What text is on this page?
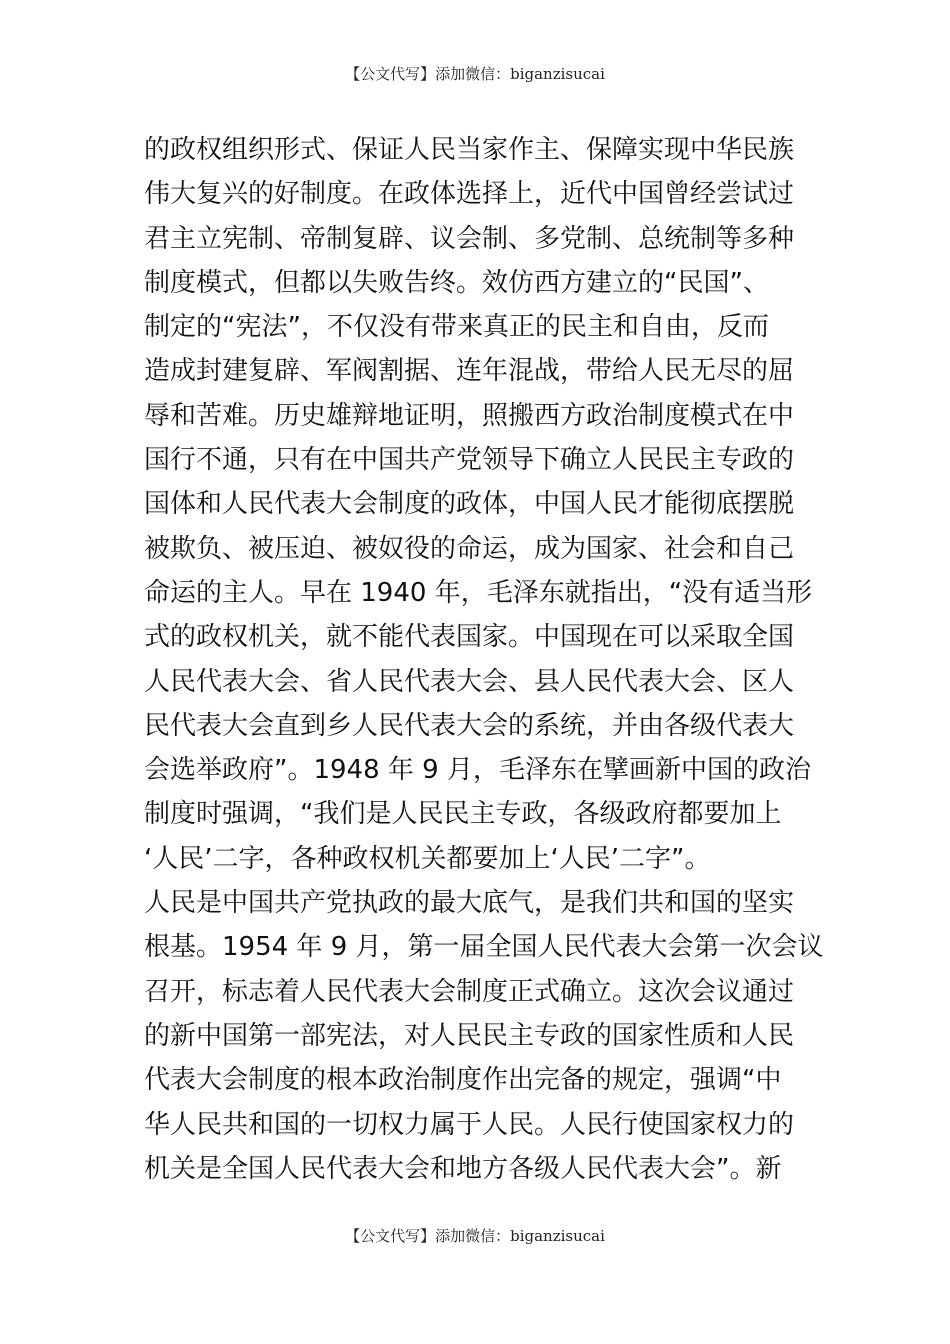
【公文代写】添加微信：biganzisucai
的政权组织形式、保证人民当家作主、保障实现中华民族
伟大复兴的好制度。在政体选择上，近代中国曾经尝试过
君主立宪制、帝制复辟、议会制、多党制、总统制等多种
制度模式，但都以失败告终。效仿西方建立的“民国”、
制定的“宪法”，不仅没有带来真正的民主和自由，反而
造成封建复辟、军阀割据、连年混战，带给人民无尽的屈
辱和苦难。历史雄辩地证明，照搬西方政治制度模式在中
国行不通，只有在中国共产党领导下确立人民民主专政的
国体和人民代表大会制度的政体，中国人民才能彻底摆脱
被欺负、被压迫、被奴役的命运，成为国家、社会和自己
命运的主人。早在 1940 年，毛泽东就指出，“没有适当形
式的政权机关，就不能代表国家。中国现在可以采取全国
人民代表大会、省人民代表大会、县人民代表大会、区人
民代表大会直到乡人民代表大会的系统，并由各级代表大
会选举政府”。1948 年 9 月，毛泽东在擘画新中国的政治
制度时强调，“我们是人民民主专政，各级政府都要加上
‘人民’二字，各种政权机关都要加上‘人民’二字”。
人民是中国共产党执政的最大底气，是我们共和国的坚实
根基。1954 年 9 月，第一届全国人民代表大会第一次会议
召开，标志着人民代表大会制度正式确立。这次会议通过
的新中国第一部宪法，对人民民主专政的国家性质和人民
代表大会制度的根本政治制度作出完备的规定，强调“中
华人民共和国的一切权力属于人民。人民行使国家权力的
机关是全国人民代表大会和地方各级人民代表大会”。新
【公文代写】添加微信：biganzisucai
